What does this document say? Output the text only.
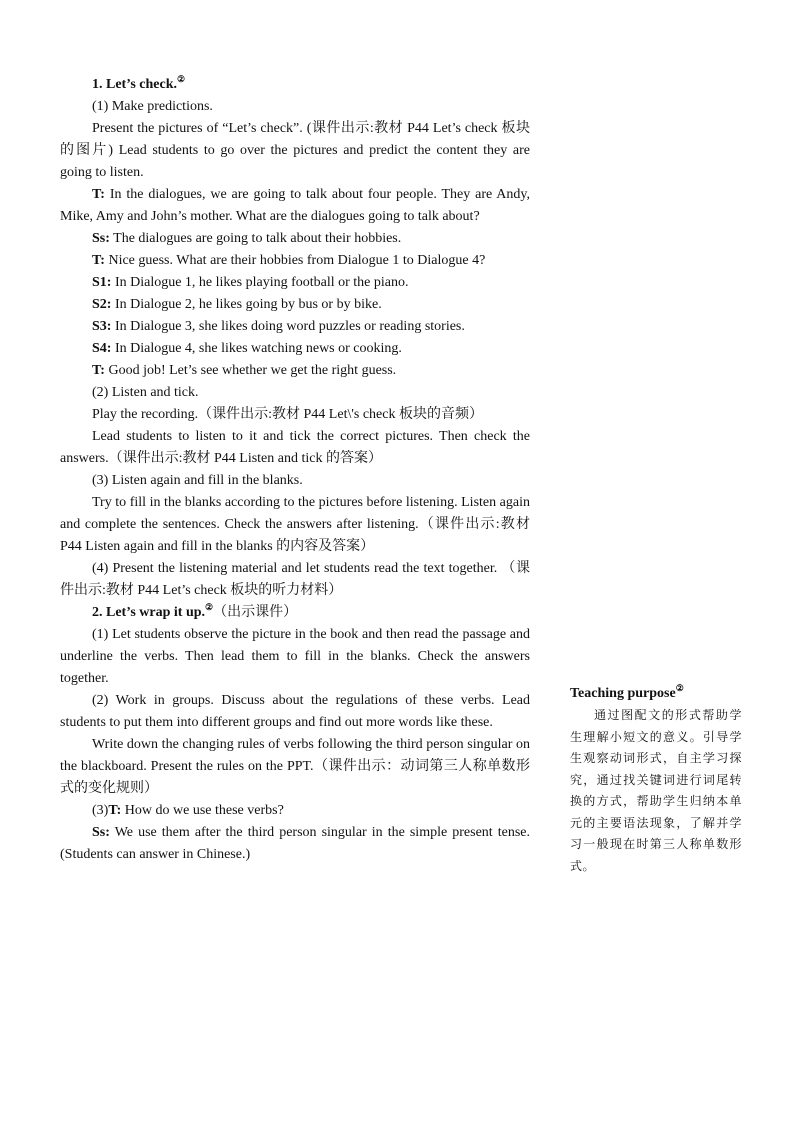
1. Let’s check.②

(1) Make predictions.

Present the pictures of “Let’s check”. (课件出示:教材 P44 Let’s check 板块的图片) Lead students to go over the pictures and predict the content they are going to listen.

T: In the dialogues, we are going to talk about four people. They are Andy, Mike, Amy and John’s mother. What are the dialogues going to talk about?

Ss: The dialogues are going to talk about their hobbies.

T: Nice guess. What are their hobbies from Dialogue 1 to Dialogue 4?

S1: In Dialogue 1, he likes playing football or the piano.

S2: In Dialogue 2, he likes going by bus or by bike.

S3: In Dialogue 3, she likes doing word puzzles or reading stories.

S4: In Dialogue 4, she likes watching news or cooking.

T: Good job! Let’s see whether we get the right guess.

(2) Listen and tick.

Play the recording.（课件出示:教材 P44 Let\'s check 板块的音频）

Lead students to listen to it and tick the correct pictures. Then check the answers.（课件出示:教材 P44 Listen and tick 的答案）

(3) Listen again and fill in the blanks.

Try to fill in the blanks according to the pictures before listening. Listen again and complete the sentences. Check the answers after listening.（课件出示:教材 P44 Listen again and fill in the blanks 的内容及答案）

(4) Present the listening material and let students read the text together. （课件出示:教材 P44 Let’s check 板块的听力材料）

2. Let’s wrap it up.②（出示课件）

(1) Let students observe the picture in the book and then read the passage and underline the verbs. Then lead them to fill in the blanks. Check the answers together.

(2) Work in groups. Discuss about the regulations of these verbs. Lead students to put them into different groups and find out more words like these.

Write down the changing rules of verbs following the third person singular on the blackboard. Present the rules on the PPT.（课件出示：动词第三人称单数形式的变化规则）

(3)T: How do we use these verbs?

Ss: We use them after the third person singular in the simple present tense. (Students can answer in Chinese.)

Teaching purpose②

通过图配文的形式帮助学生理解小短文的意义。引导学生观察动词形式，自主学习探究，通过找关键词进行词尾转换的方式，帮助学生归纳本单元的主要语法现象，了解并学习一般现在时第三人称单数形式。
